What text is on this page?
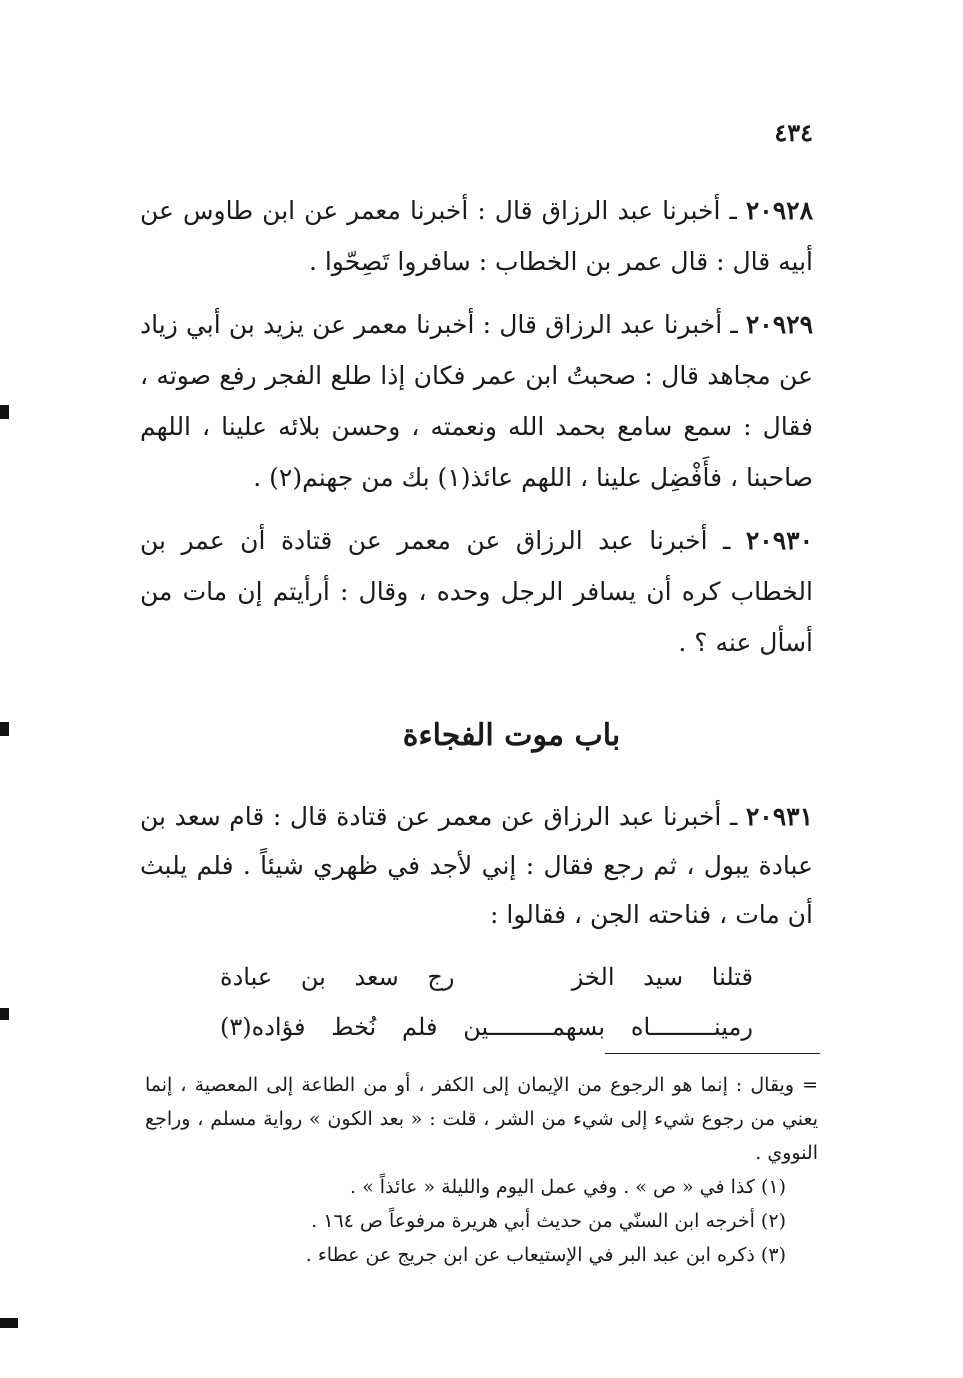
٤٣٤

٢٠٩٢٨ ـ أخبرنا عبد الرزاق قال : أخبرنا معمر عن ابن طاوس عن أبيه قال : قال عمر بن الخطاب : سافروا تَصِحّوا .

٢٠٩٢٩ ـ أخبرنا عبد الرزاق قال : أخبرنا معمر عن يزيد بن أبي زياد عن مجاهد قال : صحبتُ ابن عمر فكان إذا طلع الفجر رفع صوته ، فقال : سمع سامع بحمد الله ونعمته ، وحسن بلائه علينا ، اللهم صاحبنا ، فأَفْضِل علينا ، اللهم عائذ(١) بك من جهنم(٢) .

٢٠٩٣٠ ـ أخبرنا عبد الرزاق عن معمر عن قتادة أن عمر بن الخطاب كره أن يسافر الرجل وحده ، وقال : أرأيتم إن مات من أسأل عنه ؟ .

باب موت الفجاءة

٢٠٩٣١ ـ أخبرنا عبد الرزاق عن معمر عن قتادة قال : قام سعد بن عبادة يبول ، ثم رجع فقال : إني لأجد في ظهري شيئاً . فلم يلبث أن مات ، فناحته الجن ، فقالوا :

قتلنا
سيد
الخز
رج
سعد
بن
عبادة
رمينـــــــــاه
بسهمـــــــــين
فلم
نُخط
فؤاده(٣)
= ويقال : إنما هو الرجوع من الإيمان إلى الكفر ، أو من الطاعة إلى المعصية ، إنما يعني من رجوع شيء إلى شيء من الشر ، قلت : « بعد الكون » رواية مسلم ، وراجع النووي .
(١) كذا في « ص » . وفي عمل اليوم والليلة « عائذاً » .
(٢) أخرجه ابن السنّي من حديث أبي هريرة مرفوعاً ص ١٦٤ .
(٣) ذكره ابن عبد البر في الإستيعاب عن ابن جريج عن عطاء .
